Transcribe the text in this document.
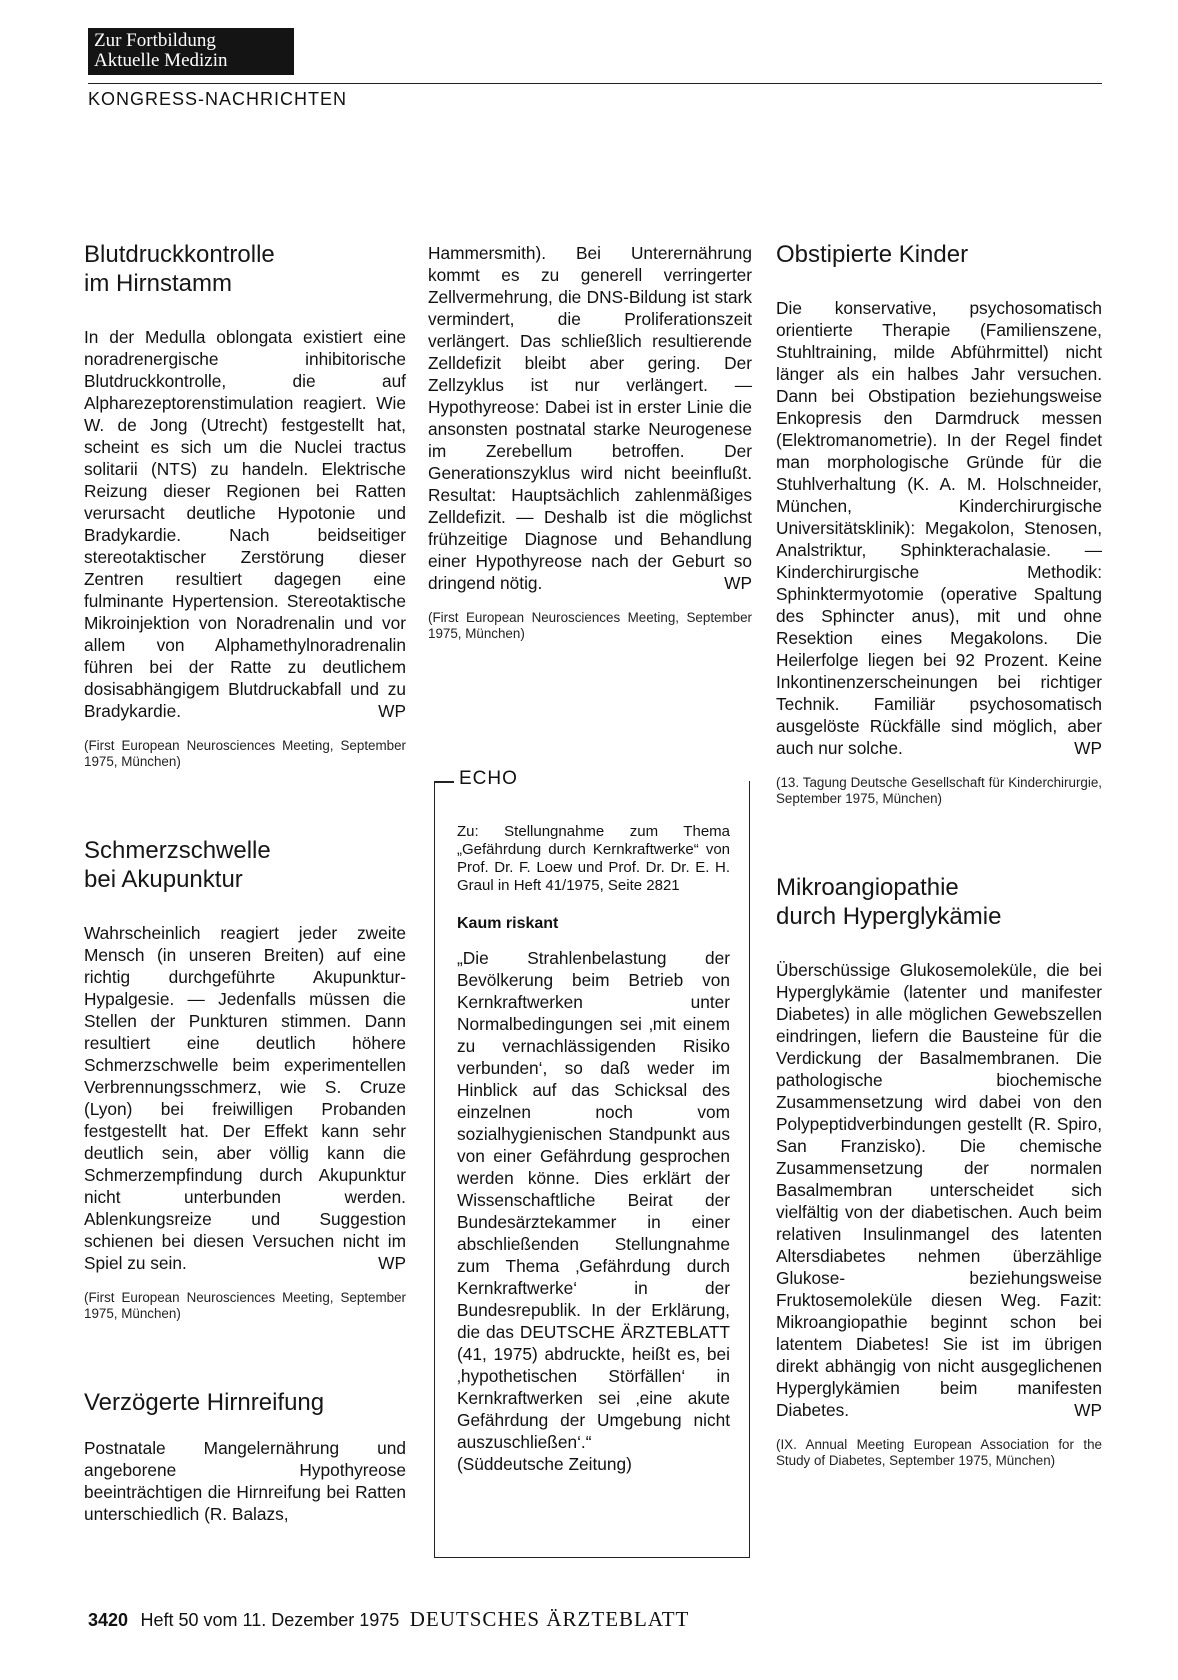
Zur Fortbildung
Aktuelle Medizin
KONGRESS-NACHRICHTEN
Blutdruckkontrolle
im Hirnstamm

In der Medulla oblongata existiert eine noradrenergische inhibitorische Blutdruckkontrolle, die auf Alpharezeptorenstimulation reagiert. Wie W. de Jong (Utrecht) festgestellt hat, scheint es sich um die Nuclei tractus solitarii (NTS) zu handeln. Elektrische Reizung dieser Regionen bei Ratten verursacht deutliche Hypotonie und Bradykardie. Nach beidseitiger stereotaktischer Zerstörung dieser Zentren resultiert dagegen eine fulminante Hypertension. Stereotaktische Mikroinjektion von Noradrenalin und vor allem von Alphamethylnoradrenalin führen bei der Ratte zu deutlichem dosisabhängigem Blutdruckabfall und zu Bradykardie.	WP

(First European Neurosciences Meeting, September 1975, München)

Schmerzschwelle
bei Akupunktur

Wahrscheinlich reagiert jeder zweite Mensch (in unseren Breiten) auf eine richtig durchgeführte Akupunktur-Hypalgesie. — Jedenfalls müssen die Stellen der Punkturen stimmen. Dann resultiert eine deutlich höhere Schmerzschwelle beim experimentellen Verbrennungsschmerz, wie S. Cruze (Lyon) bei freiwilligen Probanden festgestellt hat. Der Effekt kann sehr deutlich sein, aber völlig kann die Schmerzempfindung durch Akupunktur nicht unterbunden werden. Ablenkungsreize und Suggestion schienen bei diesen Versuchen nicht im Spiel zu sein.	WP

(First European Neurosciences Meeting, September 1975, München)

Verzögerte Hirnreifung

Postnatale Mangelernährung und angeborene Hypothyreose beeinträchtigen die Hirnreifung bei Ratten unterschiedlich (R. Balazs,

Hammersmith). Bei Unterernährung kommt es zu generell verringerter Zellvermehrung, die DNS-Bildung ist stark vermindert, die Proliferationszeit verlängert. Das schließlich resultierende Zelldefizit bleibt aber gering. Der Zellzyklus ist nur verlängert. — Hypothyreose: Dabei ist in erster Linie die ansonsten postnatal starke Neurogenese im Zerebellum betroffen. Der Generationszyklus wird nicht beeinflußt. Resultat: Hauptsächlich zahlenmäßiges Zelldefizit. — Deshalb ist die möglichst frühzeitige Diagnose und Behandlung einer Hypothyreose nach der Geburt so dringend nötig.	WP

(First European Neurosciences Meeting, September 1975, München)

ECHO
Zu: Stellungnahme zum Thema „Gefährdung durch Kernkraftwerke“ von Prof. Dr. F. Loew und Prof. Dr. Dr. E. H. Graul in Heft 41/1975, Seite 2821
Kaum riskant

„Die Strahlenbelastung der Bevölkerung beim Betrieb von Kernkraftwerken unter Normalbedingungen sei ‚mit einem zu vernachlässigenden Risiko verbunden‘, so daß weder im Hinblick auf das Schicksal des einzelnen noch vom sozialhygienischen Standpunkt aus von einer Gefährdung gesprochen werden könne. Dies erklärt der Wissenschaftliche Beirat der Bundesärztekammer in einer abschließenden Stellungnahme zum Thema ‚Gefährdung durch Kernkraftwerke‘ in der Bundesrepublik. In der Erklärung, die das DEUTSCHE ÄRZTEBLATT (41, 1975) abdruckte, heißt es, bei ‚hypothetischen Störfällen‘ in Kernkraftwerken sei ‚eine akute Gefährdung der Umgebung nicht auszuschließen‘.“

(Süddeutsche Zeitung)

Obstipierte Kinder

Die konservative, psychosomatisch orientierte Therapie (Familienszene, Stuhltraining, milde Abführmittel) nicht länger als ein halbes Jahr versuchen. Dann bei Obstipation beziehungsweise Enkopresis den Darmdruck messen (Elektromanometrie). In der Regel findet man morphologische Gründe für die Stuhlverhaltung (K. A. M. Holschneider, München, Kinderchirurgische Universitätsklinik): Megakolon, Stenosen, Analstriktur, Sphinkterachalasie. — Kinderchirurgische Methodik: Sphinktermyotomie (operative Spaltung des Sphincter anus), mit und ohne Resektion eines Megakolons. Die Heilerfolge liegen bei 92 Prozent. Keine Inkontinenzerscheinungen bei richtiger Technik. Familiär psychosomatisch ausgelöste Rückfälle sind möglich, aber auch nur solche.	WP

(13. Tagung Deutsche Gesellschaft für Kinderchirurgie, September 1975, München)

Mikroangiopathie
durch Hyperglykämie

Überschüssige Glukosemoleküle, die bei Hyperglykämie (latenter und manifester Diabetes) in alle möglichen Gewebszellen eindringen, liefern die Bausteine für die Verdickung der Basalmembranen. Die pathologische biochemische Zusammensetzung wird dabei von den Polypeptidverbindungen gestellt (R. Spiro, San Franzisko). Die chemische Zusammensetzung der normalen Basalmembran unterscheidet sich vielfältig von der diabetischen. Auch beim relativen Insulinmangel des latenten Altersdiabetes nehmen überzählige Glukose- beziehungsweise Fruktosemoleküle diesen Weg. Fazit: Mikroangiopathie beginnt schon bei latentem Diabetes! Sie ist im übrigen direkt abhängig von nicht ausgeglichenen Hyperglykämien beim manifesten Diabetes.	WP

(IX. Annual Meeting European Association for the Study of Diabetes, September 1975, München)

3420 Heft 50 vom 11. Dezember 1975 DEUTSCHES ÄRZTEBLATT
